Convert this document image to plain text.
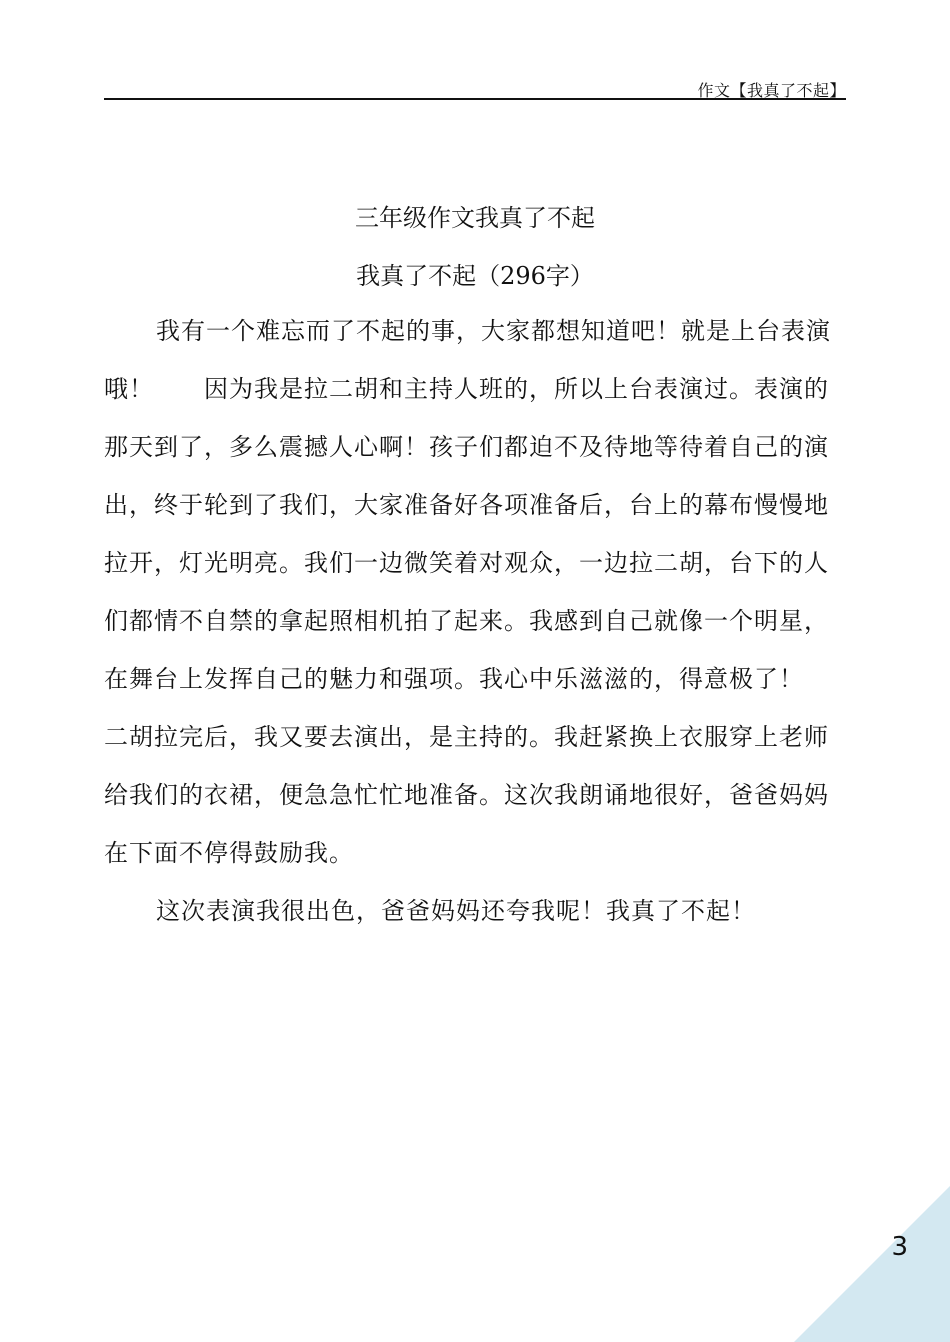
作文【我真了不起】
三年级作文我真了不起
我真了不起（296字）

我有一个难忘而了不起的事，大家都想知道吧！就是上台表演哦！　　因为我是拉二胡和主持人班的，所以上台表演过。表演的那天到了，多么震撼人心啊！孩子们都迫不及待地等待着自己的演出，终于轮到了我们，大家准备好各项准备后，台上的幕布慢慢地拉开，灯光明亮。我们一边微笑着对观众，一边拉二胡，台下的人们都情不自禁的拿起照相机拍了起来。我感到自己就像一个明星，在舞台上发挥自己的魅力和强项。我心中乐滋滋的，得意极了！

二胡拉完后，我又要去演出，是主持的。我赶紧换上衣服穿上老师给我们的衣裙，便急急忙忙地准备。这次我朗诵地很好，爸爸妈妈在下面不停得鼓励我。

这次表演我很出色，爸爸妈妈还夸我呢！我真了不起！

3
